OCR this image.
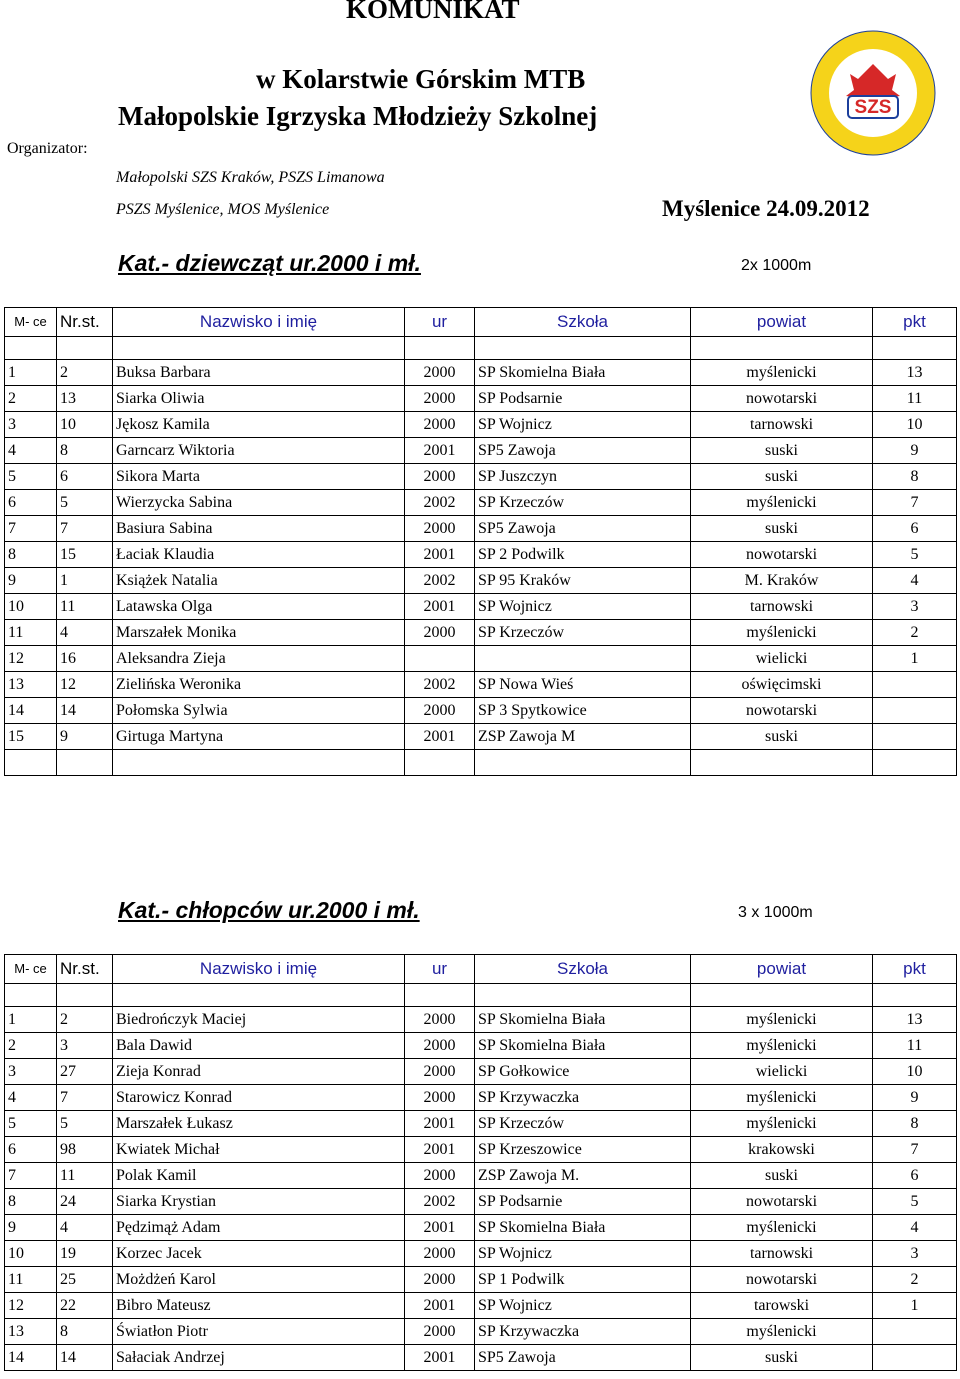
KOMUNIKAT
w Kolarstwie Górskim MTB
Małopolskie Igrzyska Młodzieży Szkolnej
Organizator:
Małopolski SZS Kraków, PSZS Limanowa
PSZS Myślenice, MOS Myślenice	Myślenice 24.09.2012
SZS
Kat.- dziewcząt ur.2000 i mł.	2x 1000m
M- ce	Nr.st.	Nazwisko i imię	ur	Szkoła	powiat	pkt

1	2	Buksa Barbara	2000	SP Skomielna Biała	myślenicki	13
2	13	Siarka Oliwia	2000	SP Podsarnie	nowotarski	11
3	10	Jękosz Kamila	2000	SP Wojnicz	tarnowski	10
4	8	Garncarz Wiktoria	2001	SP5 Zawoja	suski	9
5	6	Sikora Marta	2000	SP Juszczyn	suski	8
6	5	Wierzycka Sabina	2002	SP Krzeczów	myślenicki	7
7	7	Basiura Sabina	2000	SP5 Zawoja	suski	6
8	15	Łaciak Klaudia	2001	SP 2 Podwilk	nowotarski	5
9	1	Książek Natalia	2002	SP 95 Kraków	M. Kraków	4
10	11	Latawska Olga	2001	SP Wojnicz	tarnowski	3
11	4	Marszałek Monika	2000	SP Krzeczów	myślenicki	2
12	16	Aleksandra Zieja			wielicki	1
13	12	Zielińska Weronika	2002	SP Nowa Wieś	oświęcimski	
14	14	Połomska Sylwia	2000	SP 3 Spytkowice	nowotarski	
15	9	Girtuga Martyna	2001	ZSP Zawoja M	suski	

Kat.- chłopców ur.2000 i mł.	3 x 1000m
M- ce	Nr.st.	Nazwisko i imię	ur	Szkoła	powiat	pkt

1	2	Biedrończyk Maciej	2000	SP Skomielna Biała	myślenicki	13
2	3	Bala Dawid	2000	SP Skomielna Biała	myślenicki	11
3	27	Zieja Konrad	2000	SP Gołkowice	wielicki	10
4	7	Starowicz Konrad	2000	SP Krzywaczka	myślenicki	9
5	5	Marszałek Łukasz	2001	SP Krzeczów	myślenicki	8
6	98	Kwiatek Michał	2001	SP Krzeszowice	krakowski	7
7	11	Polak Kamil	2000	ZSP Zawoja M.	suski	6
8	24	Siarka Krystian	2002	SP Podsarnie	nowotarski	5
9	4	Pędzimąż Adam	2001	SP Skomielna Biała	myślenicki	4
10	19	Korzec Jacek	2000	SP Wojnicz	tarnowski	3
11	25	Możdżeń Karol	2000	SP 1 Podwilk	nowotarski	2
12	22	Bibro Mateusz	2001	SP Wojnicz	tarowski	1
13	8	Światłon Piotr	2000	SP Krzywaczka	myślenicki	
14	14	Sałaciak Andrzej	2001	SP5 Zawoja	suski	
